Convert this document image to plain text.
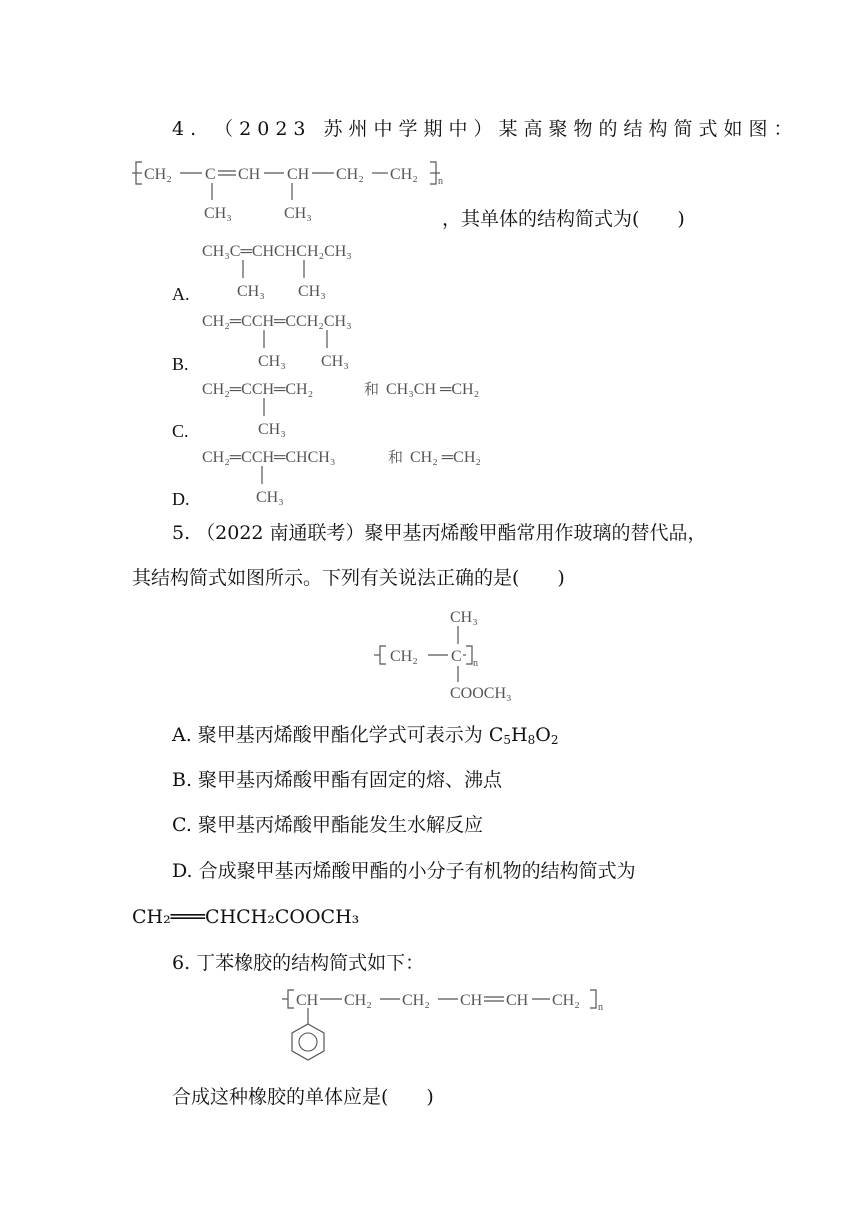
4. （2023 苏州中学期中）某高聚物的结构简式如图：
CH₂ C CH CH CH₂ CH₂ n
CH₃	CH₃	，其单体的结构简式为(　　)
CH₃C═CHCHCH₂CH₃
CH₃ CH₃
A.
CH₂═CCH═CCH₂CH₃
CH₃ CH₃
B.
CH₂═CCH═CH₂	和 CH₃CH ═CH₂
CH₃
C.
CH₂═CCH═CHCH₃	和 CH₂ ═CH₂
CH₃
D.
5. （2022 南通联考）聚甲基丙烯酸甲酯常用作玻璃的替代品，
其结构简式如图所示。下列有关说法正确的是(　　)
CH₃
CH₂ C n
COOCH₃
A. 聚甲基丙烯酸甲酯化学式可表示为 $C_5H_8O_2$
B. 聚甲基丙烯酸甲酯有固定的熔、沸点
C. 聚甲基丙烯酸甲酯能发生水解反应
D. 合成聚甲基丙烯酸甲酯的小分子有机物的结构简式为
CH₂═══CHCH₂COOCH₃
6. 丁苯橡胶的结构简式如下：
CH CH₂ CH₂ CH CH CH₂ n
合成这种橡胶的单体应是(　　)
